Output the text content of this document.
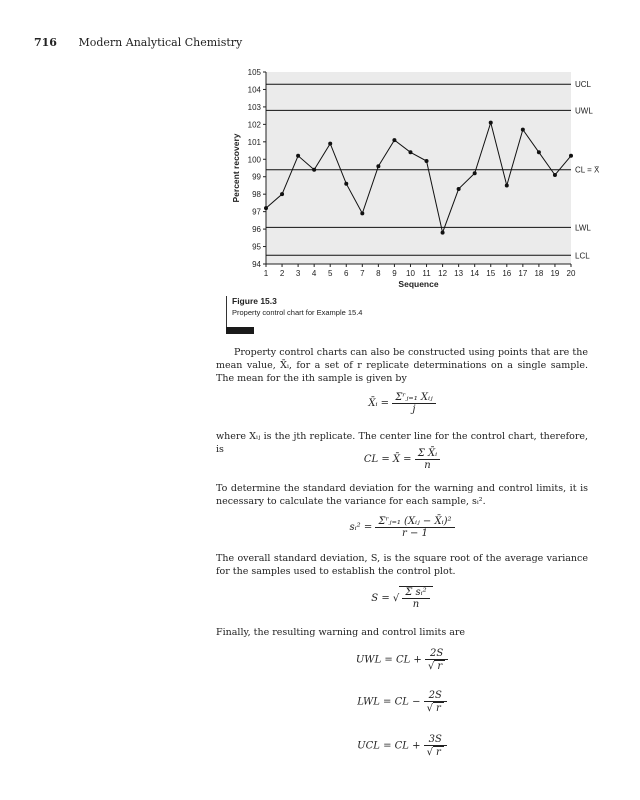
716 Modern Analytical Chemistry
94
95
96
97
98
99
100
101
102
103
104
105
1 2 3 4 5 6 7 8 9 10 11 12 13 14 15 16 17 18 19 20
Sequence
Percent recovery
UCL
UWL
CL = X̄
LWL
LCL
Figure 15.3
Property control chart for Example 15.4
Property control charts can also be constructed using points that are the mean value, X̄ᵢ, for a set of r replicate determinations on a single sample. The mean for the ith sample is given by
X̄ᵢ = $\frac{\text{Σʳⱼ₌₁ Xᵢⱼ}}{j}$
where Xᵢⱼ is the jth replicate. The center line for the control chart, therefore, is
CL = X̄ = $\frac{\text{Σ X̄ᵢ}}{n}$
To determine the standard deviation for the warning and control limits, it is necessary to calculate the variance for each sample, sᵢ².
sᵢ² = $\frac{\text{Σʳⱼ₌₁ (Xᵢⱼ − X̄ᵢ)²}}{r - 1}$
The overall standard deviation, S, is the square root of the average variance for the samples used to establish the control plot.
S = √ $\frac{\text{Σ sᵢ²}}{n}$
Finally, the resulting warning and control limits are
UWL = CL + $\frac{2S}{√ r}$
LWL = CL − $\frac{2S}{√ r}$
UCL = CL + $\frac{3S}{√ r}$
